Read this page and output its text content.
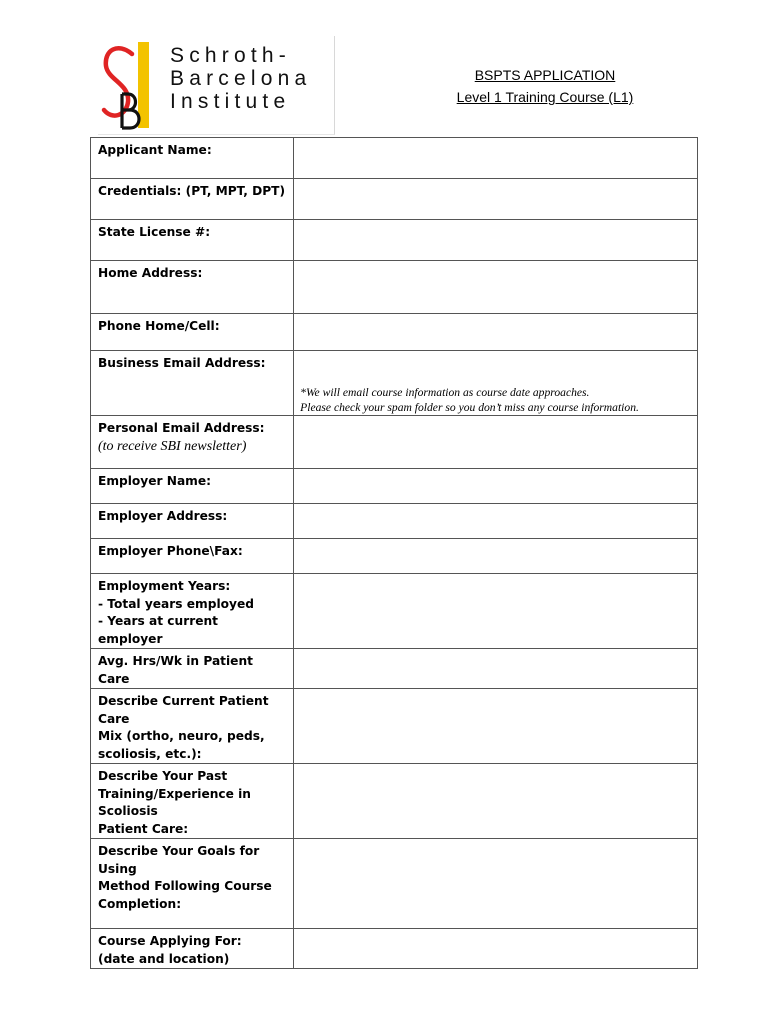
Schroth-
Barcelona
Institute
BSPTS APPLICATION
Level 1 Training Course (L1)
Applicant Name:	
Credentials: (PT, MPT, DPT)	
State License #:	
Home Address:	
Phone Home/Cell:	
Business Email Address:	*We will email course information as course date approaches.
Please check your spam folder so you don’t miss any course information.

Personal Email Address:
(to receive SBI newsletter)	

Employer Name:	
Employer Address:	
Employer Phone\Fax:	

Employment Years:
- Total years employed
- Years at current employer	

Avg. Hrs/Wk in Patient Care	

Describe Current Patient Care
Mix (ortho, neuro, peds,
scoliosis, etc.):	

Describe Your Past
Training/Experience in Scoliosis
Patient Care:	

Describe Your Goals for Using
Method Following Course
Completion:	

Course Applying For:
(date and location)	
